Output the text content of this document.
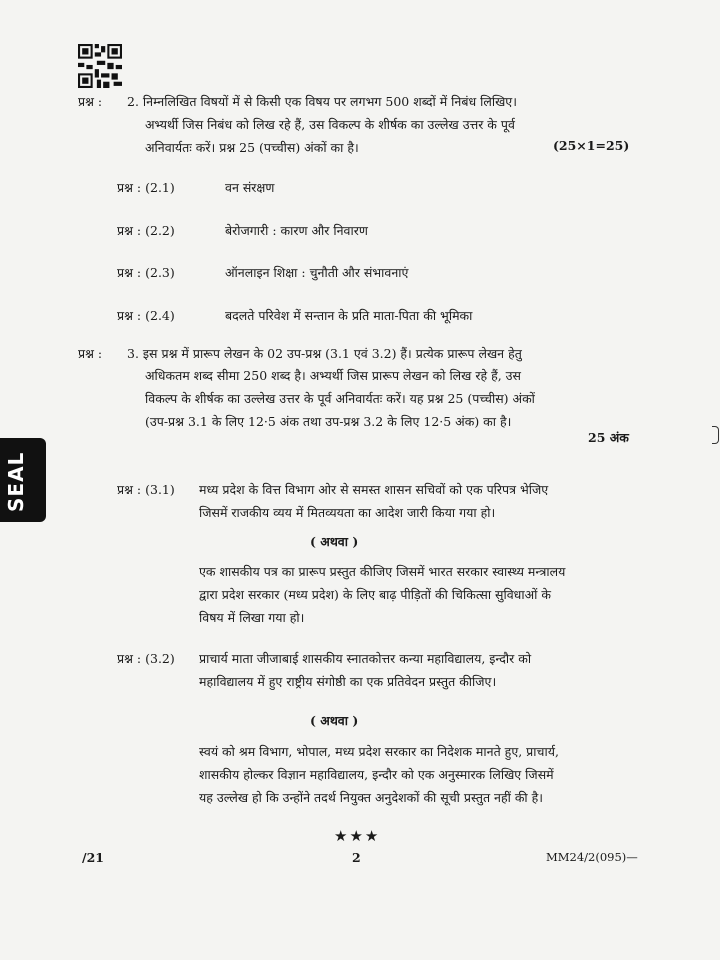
SEAL
प्रश्न : 2. निम्नलिखित विषयों में से किसी एक विषय पर लगभग 500 शब्दों में निबंध लिखिए।
अभ्यर्थी जिस निबंध को लिख रहे हैं, उस विकल्प के शीर्षक का उल्लेख उत्तर के पूर्व
अनिवार्यतः करें। प्रश्न 25 (पच्चीस) अंकों का है।	(25×1=25)
प्रश्न : (2.1)	वन संरक्षण
प्रश्न : (2.2)	बेरोजगारी : कारण और निवारण
प्रश्न : (2.3)	ऑनलाइन शिक्षा : चुनौती और संभावनाएं
प्रश्न : (2.4)	बदलते परिवेश में सन्तान के प्रति माता-पिता की भूमिका
प्रश्न : 3. इस प्रश्न में प्रारूप लेखन के 02 उप-प्रश्न (3.1 एवं 3.2) हैं। प्रत्येक प्रारूप लेखन हेतु
अधिकतम शब्द सीमा 250 शब्द है। अभ्यर्थी जिस प्रारूप लेखन को लिख रहे हैं, उस
विकल्प के शीर्षक का उल्लेख उत्तर के पूर्व अनिवार्यतः करें। यह प्रश्न 25 (पच्चीस) अंकों
(उप-प्रश्न 3.1 के लिए 12·5 अंक तथा उप-प्रश्न 3.2 के लिए 12·5 अंक) का है।
25 अंक
प्रश्न : (3.1) मध्य प्रदेश के वित्त विभाग ओर से समस्त शासन सचिवों को एक परिपत्र भेजिए
जिसमें राजकीय व्यय में मितव्ययता का आदेश जारी किया गया हो।
( अथवा )
एक शासकीय पत्र का प्रारूप प्रस्तुत कीजिए जिसमें भारत सरकार स्वास्थ्य मन्त्रालय
द्वारा प्रदेश सरकार (मध्य प्रदेश) के लिए बाढ़ पीड़ितों की चिकित्सा सुविधाओं के
विषय में लिखा गया हो।
प्रश्न : (3.2) प्राचार्य माता जीजाबाई शासकीय स्नातकोत्तर कन्या महाविद्यालय, इन्दौर को
महाविद्यालय में हुए राष्ट्रीय संगोष्ठी का एक प्रतिवेदन प्रस्तुत कीजिए।
( अथवा )
स्वयं को श्रम विभाग, भोपाल, मध्य प्रदेश सरकार का निदेशक मानते हुए, प्राचार्य,
शासकीय होल्कर विज्ञान महाविद्यालय, इन्दौर को एक अनुस्मारक लिखिए जिसमें
यह उल्लेख हो कि उन्होंने तदर्थ नियुक्त अनुदेशकों की सूची प्रस्तुत नहीं की है।
★★★
/21	2	MM24/2(095)—
